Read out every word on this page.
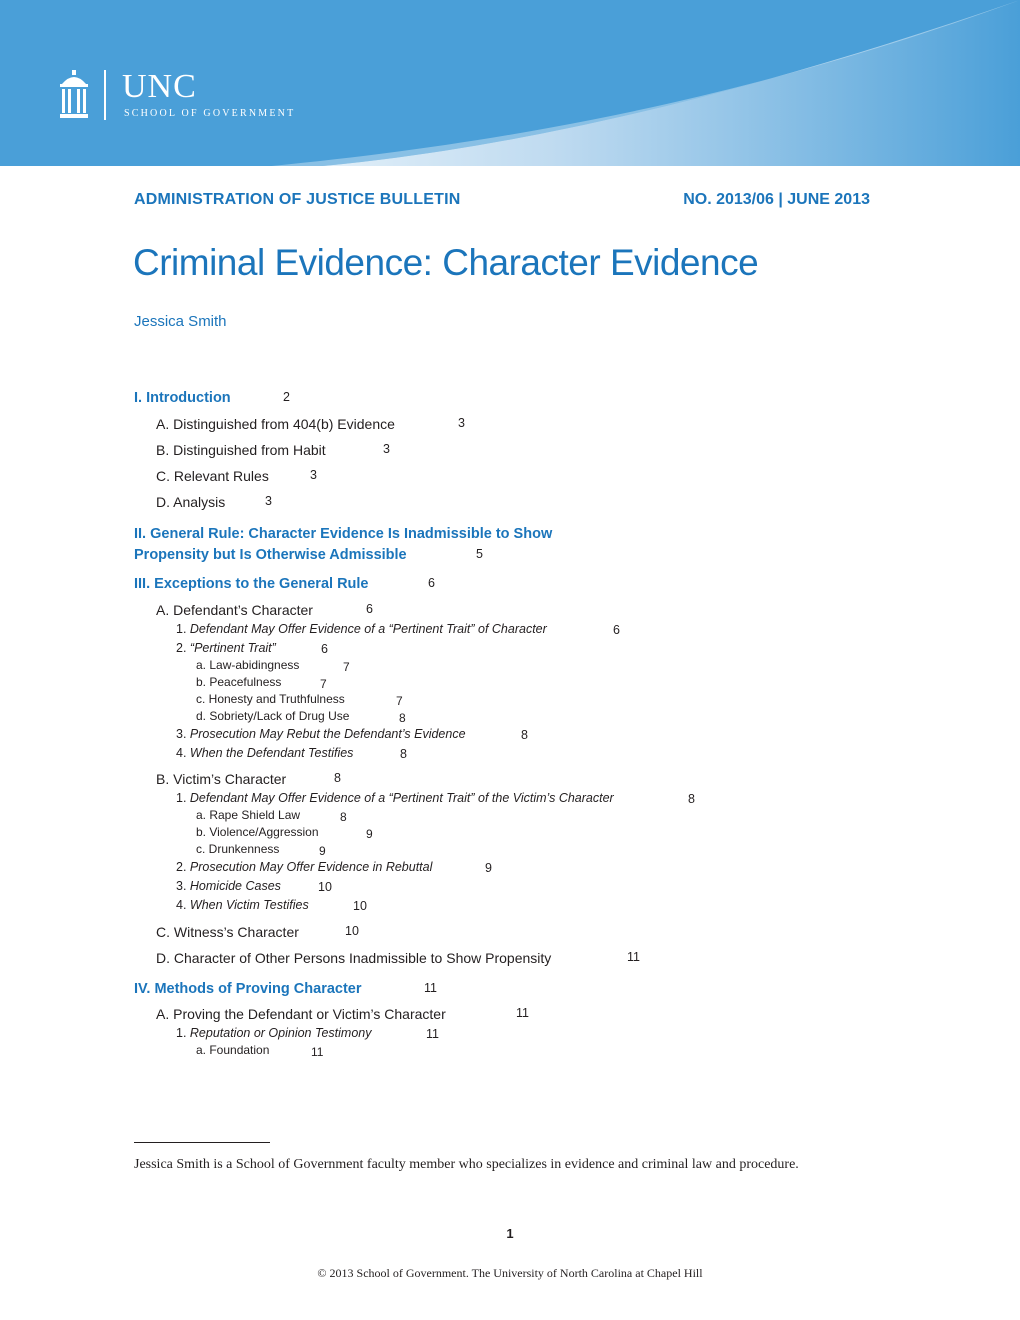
UNC
SCHOOL OF GOVERNMENT
ADMINISTRATION OF JUSTICE BULLETIN	NO. 2013/06 | JUNE 2013
Criminal Evidence: Character Evidence
Jessica Smith
I. Introduction	2
A. Distinguished from 404(b) Evidence	3
B. Distinguished from Habit	3
C. Relevant Rules	3
D. Analysis	3
II. General Rule: Character Evidence Is Inadmissible to Show
Propensity but Is Otherwise Admissible	5
III. Exceptions to the General Rule	6
A. Defendant’s Character	6
1. Defendant May Offer Evidence of a “Pertinent Trait” of Character	6
2. “Pertinent Trait”	6
a. Law-abidingness	7
b. Peacefulness	7
c. Honesty and Truthfulness	7
d. Sobriety/Lack of Drug Use	8
3. Prosecution May Rebut the Defendant’s Evidence	8
4. When the Defendant Testifies	8
B. Victim’s Character	8
1. Defendant May Offer Evidence of a “Pertinent Trait” of the Victim’s Character	8
a. Rape Shield Law	8
b. Violence/Aggression	9
c. Drunkenness	9
2. Prosecution May Offer Evidence in Rebuttal	9
3. Homicide Cases	10
4. When Victim Testifies	10
C. Witness’s Character	10
D. Character of Other Persons Inadmissible to Show Propensity	11
IV. Methods of Proving Character	11
A. Proving the Defendant or Victim’s Character	11
1. Reputation or Opinion Testimony	11
a. Foundation	11
Jessica Smith is a School of Government faculty member who specializes in evidence and criminal law and procedure.
1
© 2013 School of Government. The University of North Carolina at Chapel Hill
